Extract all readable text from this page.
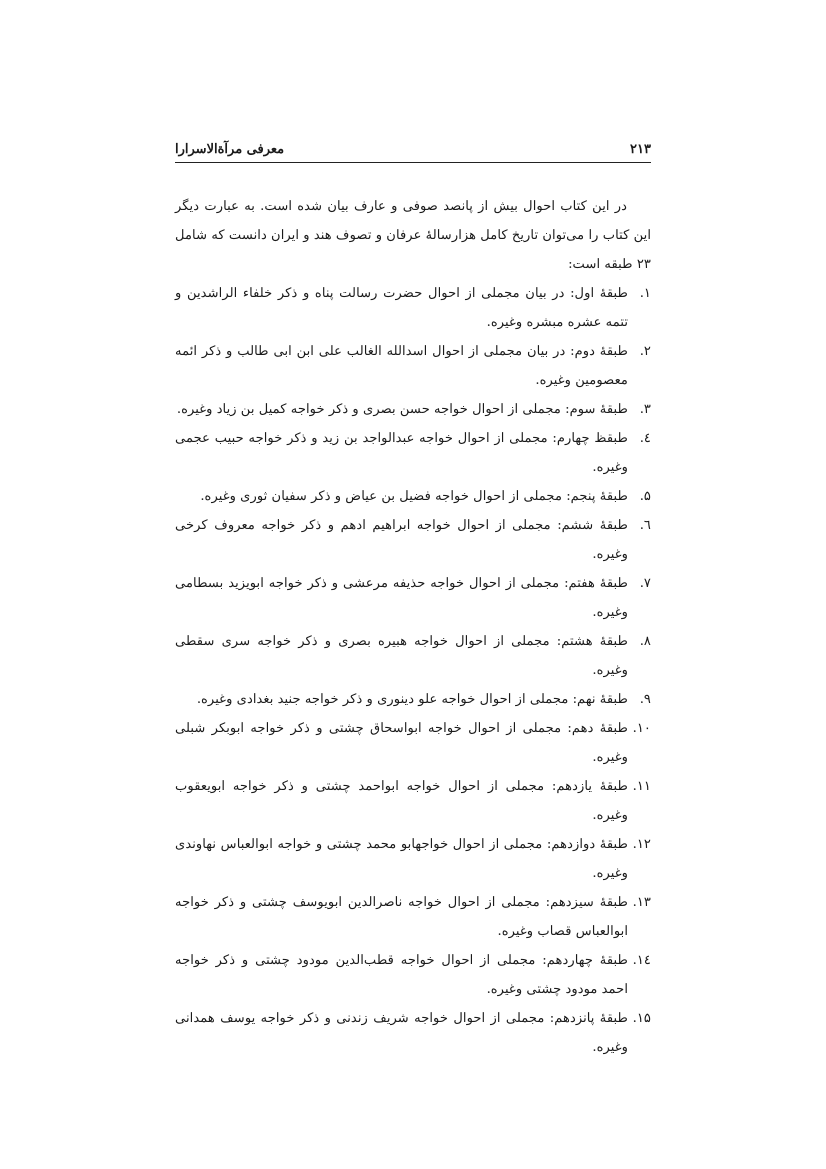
معرفی مرآةالاسرارا	۲۱۳

در این کتاب احوال بیش از پانصد صوفی و عارف بیان شده است. به عبارت دیگر این کتاب را می‌توان تاریخ کامل هزارسالهٔ عرفان و تصوف هند و ایران دانست که شامل ۲۳ طبقه است:

۱.
طبقهٔ اول: در بیان مجملی از احوال حضرت رسالت پناه و ذکر خلفاء الراشدین و تتمه عشره مبشره وغیره.
۲.
طبقهٔ دوم: در بیان مجملی از احوال اسدالله الغالب علی ابن ابی طالب و ذکر ائمه معصومین وغیره.
۳.
طبقهٔ سوم: مجملی از احوال خواجه حسن بصری و ذکر خواجه کمیل بن زیاد وغیره.
٤.
طبقظ چهارم: مجملی از احوال خواجه عبدالواجد بن زید و ذکر خواجه حبیب عجمی وغیره.
۵.
طبقهٔ پنجم: مجملی از احوال خواجه فضیل بن عیاض و ذکر سفیان ثوری وغیره.
٦.
طبقهٔ ششم: مجملی از احوال خواجه ابراهیم ادهم و ذکر خواجه معروف کرخی وغیره.
۷.
طبقهٔ هفتم: مجملی از احوال خواجه حذیفه مرعشی و ذکر خواجه ابویزید بسطامی وغیره.
۸.
طبقهٔ هشتم: مجملی از احوال خواجه هبیره بصری و ذکر خواجه سری سقطی وغیره.
۹.
طبقهٔ نهم: مجملی از احوال خواجه علو دینوری و ذکر خواجه جنید بغدادی وغیره.
۱۰.
طبقهٔ دهم: مجملی از احوال خواجه ابواسحاق چشتی و ذکر خواجه ابوبکر شبلی وغیره.
۱۱.
طبقهٔ یازدهم: مجملی از احوال خواجه ابواحمد چشتی و ذکر خواجه ابویعقوب وغیره.
۱۲.
طبقهٔ دوازدهم: مجملی از احوال خواجهابو محمد چشتی و خواجه ابوالعباس نهاوندی وغیره.
۱۳.
طبقهٔ سیزدهم: مجملی از احوال خواجه ناصرالدین ابویوسف چشتی و ذکر خواجه ابوالعباس قصاب وغیره.
١٤.
طبقهٔ چهاردهم: مجملی از احوال خواجه قطب‌الدین مودود چشتی و ذکر خواجه احمد مودود چشتی وغیره.
۱۵.
طبقهٔ پانزدهم: مجملی از احوال خواجه شریف زندنی و ذکر خواجه یوسف همدانی وغیره.
